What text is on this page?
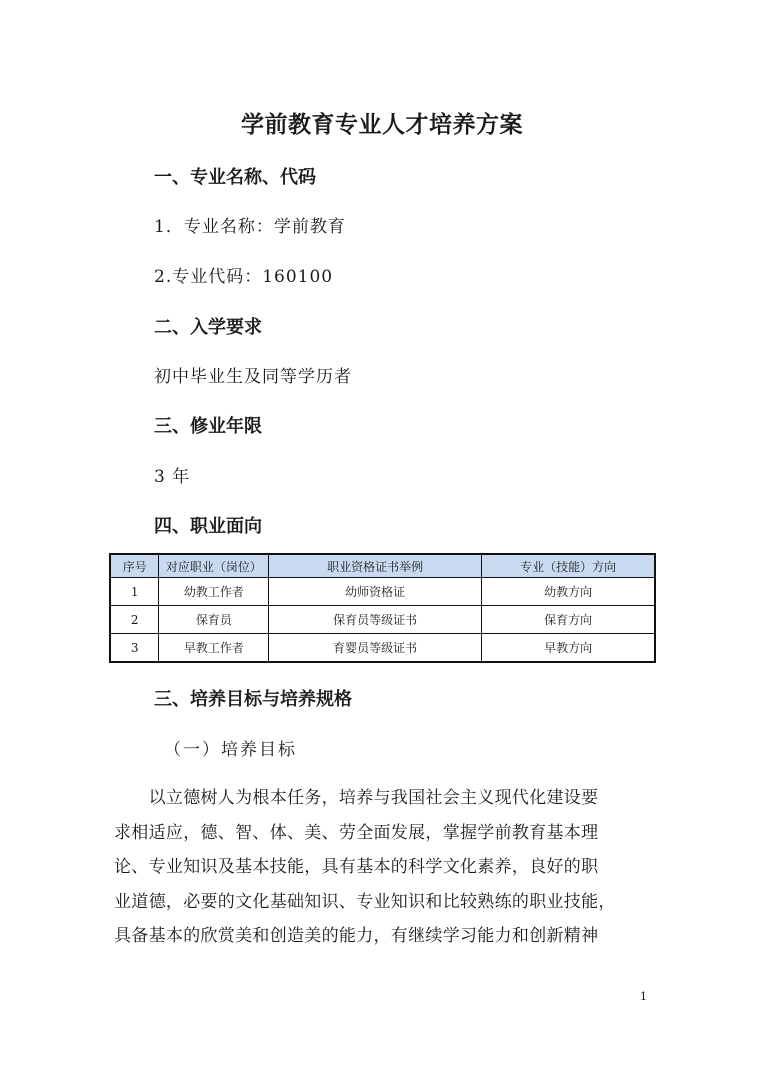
学前教育专业人才培养方案
一、专业名称、代码
1．专业名称：学前教育
2.专业代码：160100
二、入学要求
初中毕业生及同等学历者
三、修业年限
3 年
四、职业面向
序号	对应职业（岗位）	职业资格证书举例	专业（技能）方向
1	幼教工作者	幼师资格证	幼教方向
2	保育员	保育员等级证书	保育方向
3	早教工作者	育婴员等级证书	早教方向
三、培养目标与培养规格
（一）培养目标
　　以立德树人为根本任务，培养与我国社会主义现代化建设要
求相适应，德、智、体、美、劳全面发展，掌握学前教育基本理
论、专业知识及基本技能，具有基本的科学文化素养，良好的职
业道德，必要的文化基础知识、专业知识和比较熟练的职业技能，
具备基本的欣赏美和创造美的能力，有继续学习能力和创新精神
1
